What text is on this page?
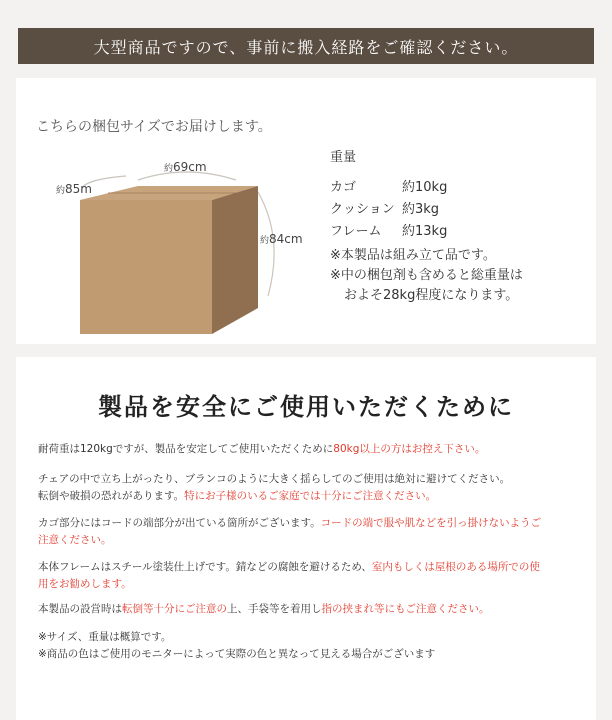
大型商品ですので、事前に搬入経路をご確認ください。
こちらの梱包サイズでお届けします。
約85m
約69cm
約84cm
重量
カゴ	約10kg
クッション 約3kg
フレーム	約13kg
※本製品は組み立て品です。
※中の梱包剤も含めると総重量は
およそ28kg程度になります。
製品を安全にご使用いただくために
耐荷重は120kgですが、製品を安定してご使用いただくために80kg以上の方はお控え下さい。
チェアの中で立ち上がったり、ブランコのように大きく揺らしてのご使用は絶対に避けてください。
転倒や破損の恐れがあります。特にお子様のいるご家庭では十分にご注意ください。
カゴ部分にはコードの端部分が出ている箇所がございます。コードの端で服や肌などを引っ掛けないようご
注意ください。
本体フレームはスチール塗装仕上げです。錆などの腐蝕を避けるため、室内もしくは屋根のある場所での使
用をお勧めします。
本製品の設営時は転倒等十分にご注意の上、手袋等を着用し指の挟まれ等にもご注意ください。
※サイズ、重量は概算です。
※商品の色はご使用のモニターによって実際の色と異なって見える場合がございます
